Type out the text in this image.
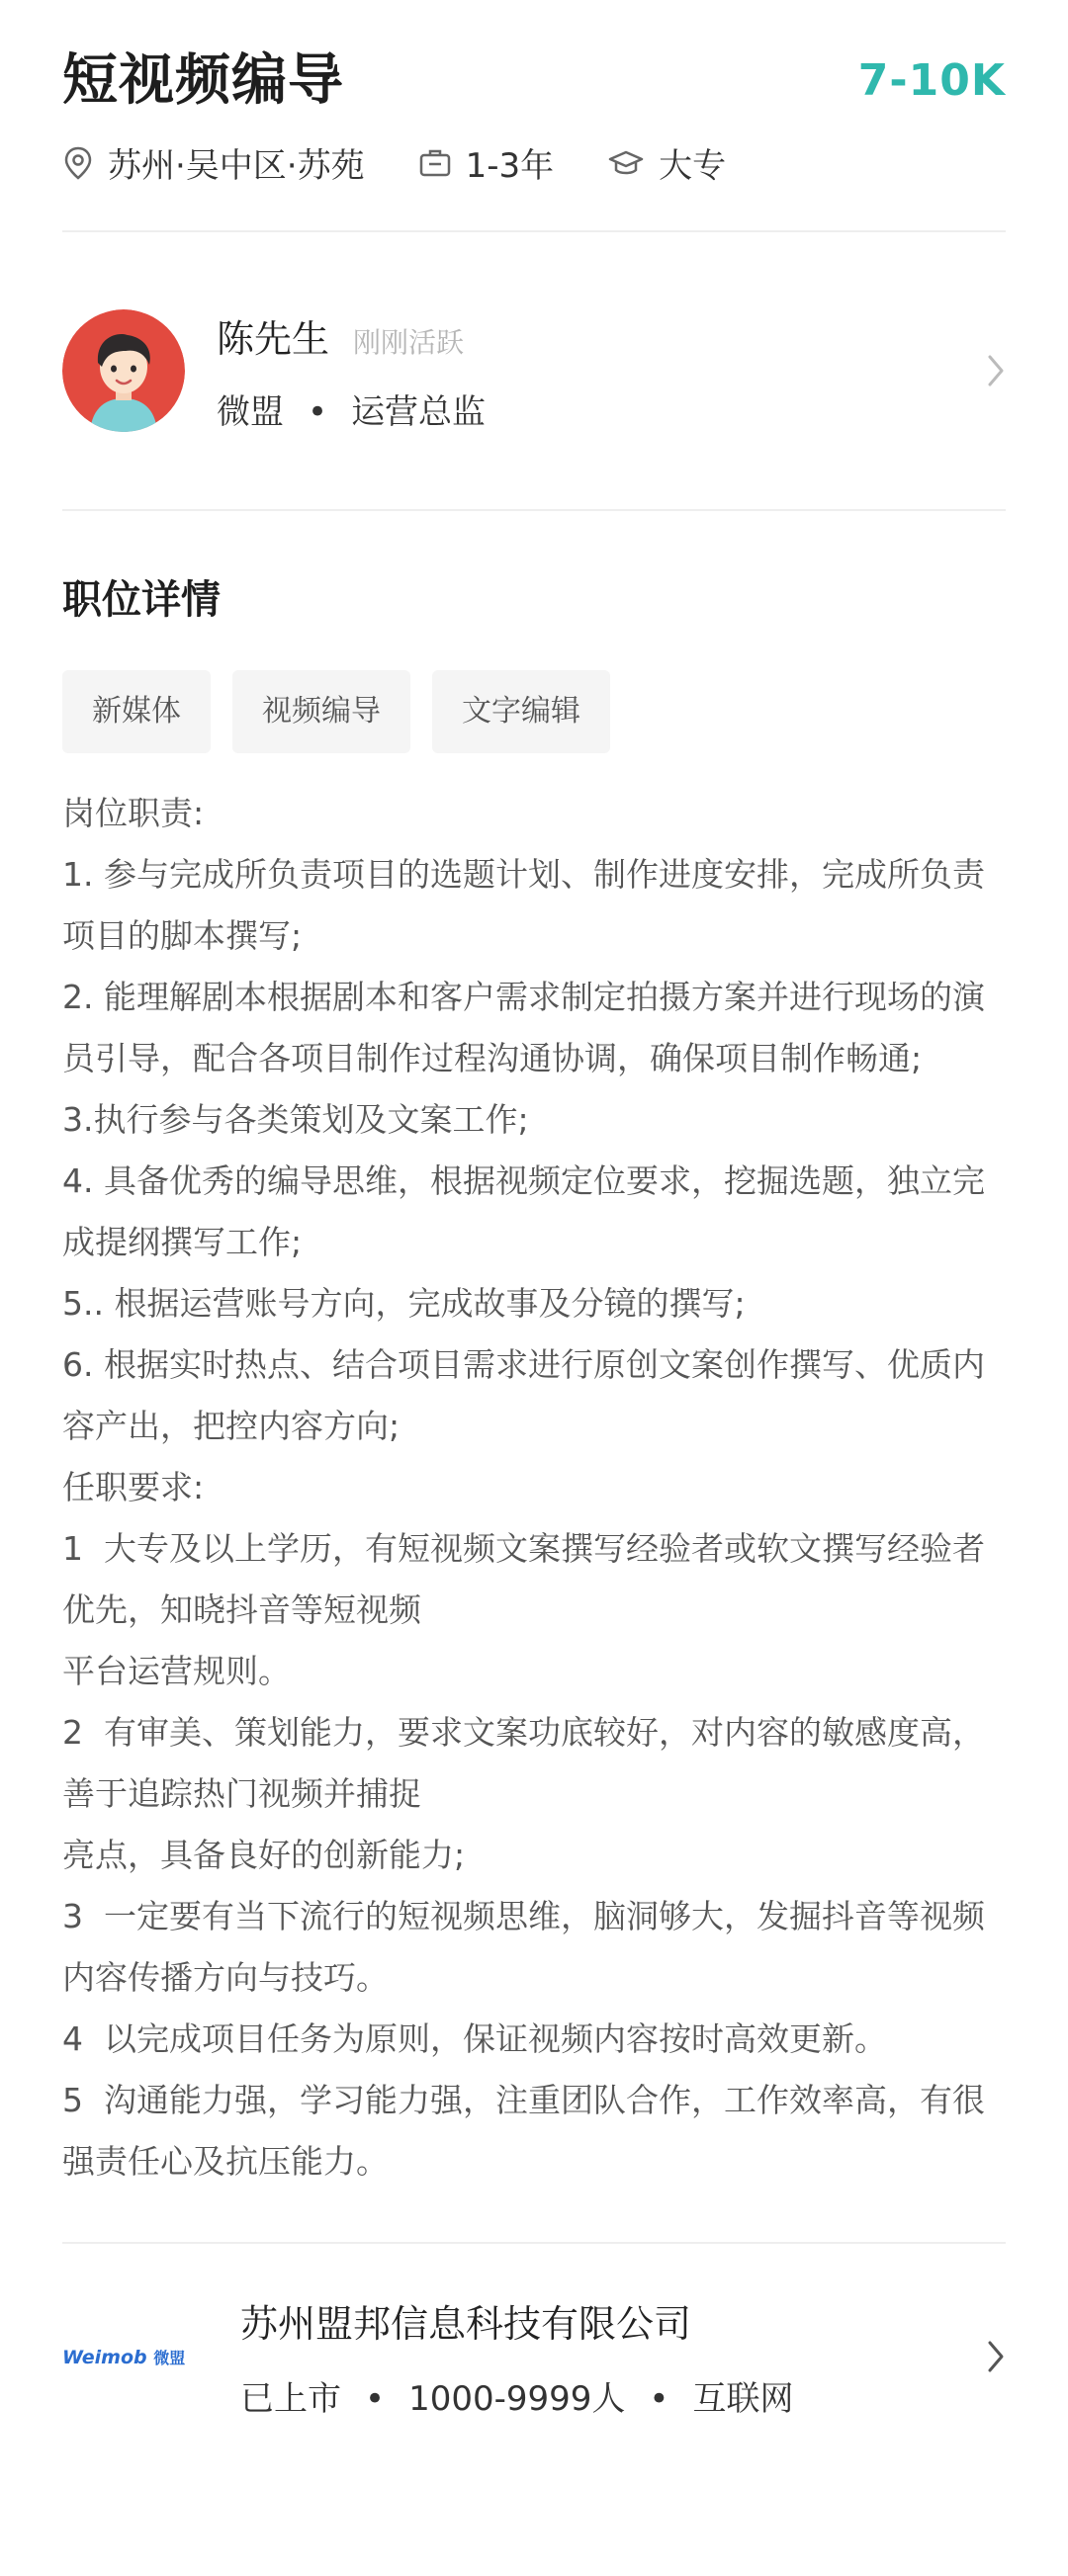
短视频编导	7-10K
苏州·吴中区·苏苑	1-3年	大专
陈先生 刚刚活跃
微盟 • 运营总监
职位详情
新媒体	视频编导	文字编辑
岗位职责:
1. 参与完成所负责项目的选题计划、制作进度安排，完成所负责项目的脚本撰写;
2. 能理解剧本根据剧本和客户需求制定拍摄方案并进行现场的演员引导，配合各项目制作过程沟通协调，确保项目制作畅通;
3.执行参与各类策划及文案工作;
4. 具备优秀的编导思维，根据视频定位要求，挖掘选题，独立完成提纲撰写工作;
5.. 根据运营账号方向，完成故事及分镜的撰写;
6. 根据实时热点、结合项目需求进行原创文案创作撰写、优质内容产出，把控内容方向;
任职要求:
1  大专及以上学历，有短视频文案撰写经验者或软文撰写经验者优先，知晓抖音等短视频
平台运营规则。
2  有审美、策划能力，要求文案功底较好，对内容的敏感度高，善于追踪热门视频并捕捉
亮点，具备良好的创新能力;
3  一定要有当下流行的短视频思维，脑洞够大，发掘抖音等视频内容传播方向与技巧。
4  以完成项目任务为原则，保证视频内容按时高效更新。
5  沟通能力强，学习能力强，注重团队合作，工作效率高，有很强责任心及抗压能力。
Weimob 微盟
苏州盟邦信息科技有限公司
已上市 • 1000-9999人 • 互联网
